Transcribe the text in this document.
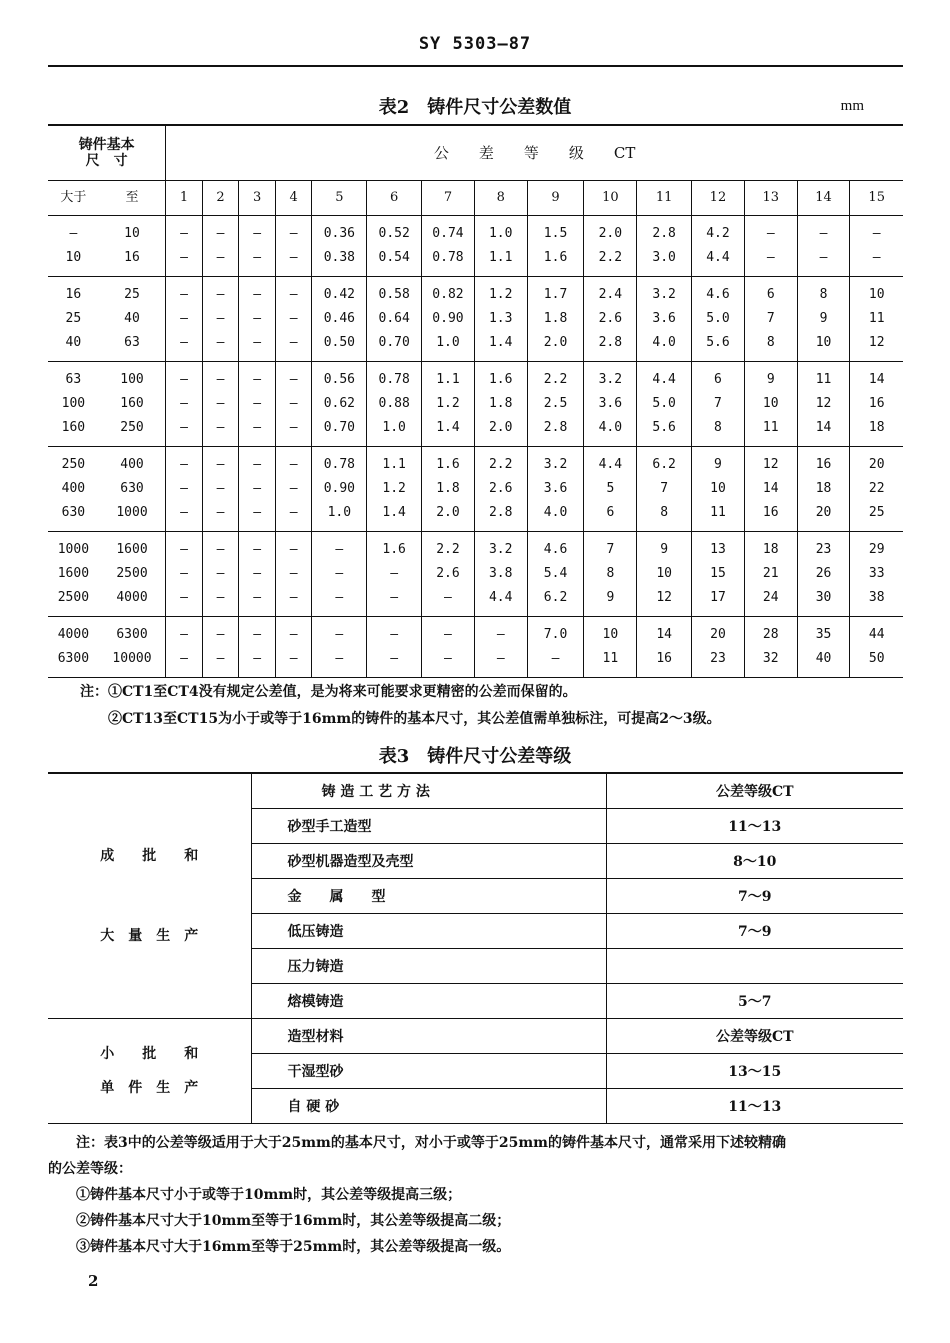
SY 5303—87
表2　铸件尺寸公差数值	mm
铸件基本
尺　寸		公　　差　　等　　级　　CT														
大于	至	1	2	3	4	5	6	7	8	9	10	11	12	13	14	15
—	10	—	—	—	—	0.36	0.52	0.74	1.0	1.5	2.0	2.8	4.2	—	—	—
10	16	—	—	—	—	0.38	0.54	0.78	1.1	1.6	2.2	3.0	4.4	—	—	—
16	25	—	—	—	—	0.42	0.58	0.82	1.2	1.7	2.4	3.2	4.6	6	8	10
25	40	—	—	—	—	0.46	0.64	0.90	1.3	1.8	2.6	3.6	5.0	7	9	11
40	63	—	—	—	—	0.50	0.70	1.0	1.4	2.0	2.8	4.0	5.6	8	10	12
63	100	—	—	—	—	0.56	0.78	1.1	1.6	2.2	3.2	4.4	6	9	11	14
100	160	—	—	—	—	0.62	0.88	1.2	1.8	2.5	3.6	5.0	7	10	12	16
160	250	—	—	—	—	0.70	1.0	1.4	2.0	2.8	4.0	5.6	8	11	14	18
250	400	—	—	—	—	0.78	1.1	1.6	2.2	3.2	4.4	6.2	9	12	16	20
400	630	—	—	—	—	0.90	1.2	1.8	2.6	3.6	5	7	10	14	18	22
630	1000	—	—	—	—	1.0	1.4	2.0	2.8	4.0	6	8	11	16	20	25
1000	1600	—	—	—	—	—	1.6	2.2	3.2	4.6	7	9	13	18	23	29
1600	2500	—	—	—	—	—	—	2.6	3.8	5.4	8	10	15	21	26	33
2500	4000	—	—	—	—	—	—	—	4.4	6.2	9	12	17	24	30	38
4000	6300	—	—	—	—	—	—	—	—	7.0	10	14	20	28	35	44
6300	10000	—	—	—	—	—	—	—	—	—	11	16	23	32	40	50
注：①CT1至CT4没有规定公差值，是为将来可能要求更精密的公差而保留的。
　　②CT13至CT15为小于或等于16mm的铸件的基本尺寸，其公差值需单独标注，可提高2～3级。
表3　铸件尺寸公差等级
成　　批　　和
大　量　生　产	铸 造 工 艺 方 法	公差等级CT
	砂型手工造型	11～13
	砂型机器造型及壳型	8～10
	金　　属　　型	7～9
	低压铸造	7～9
	压力铸造	
	熔模铸造	5～7

小　　批　　和
单　件　生　产	造型材料	公差等级CT
	干湿型砂	13～15
	自 硬 砂	11～13
　　注：表3中的公差等级适用于大于25mm的基本尺寸，对小于或等于25mm的铸件基本尺寸，通常采用下述较精确
的公差等级：
　　①铸件基本尺寸小于或等于10mm时，其公差等级提高三级；
　　②铸件基本尺寸大于10mm至等于16mm时，其公差等级提高二级；
　　③铸件基本尺寸大于16mm至等于25mm时，其公差等级提高一级。
2
